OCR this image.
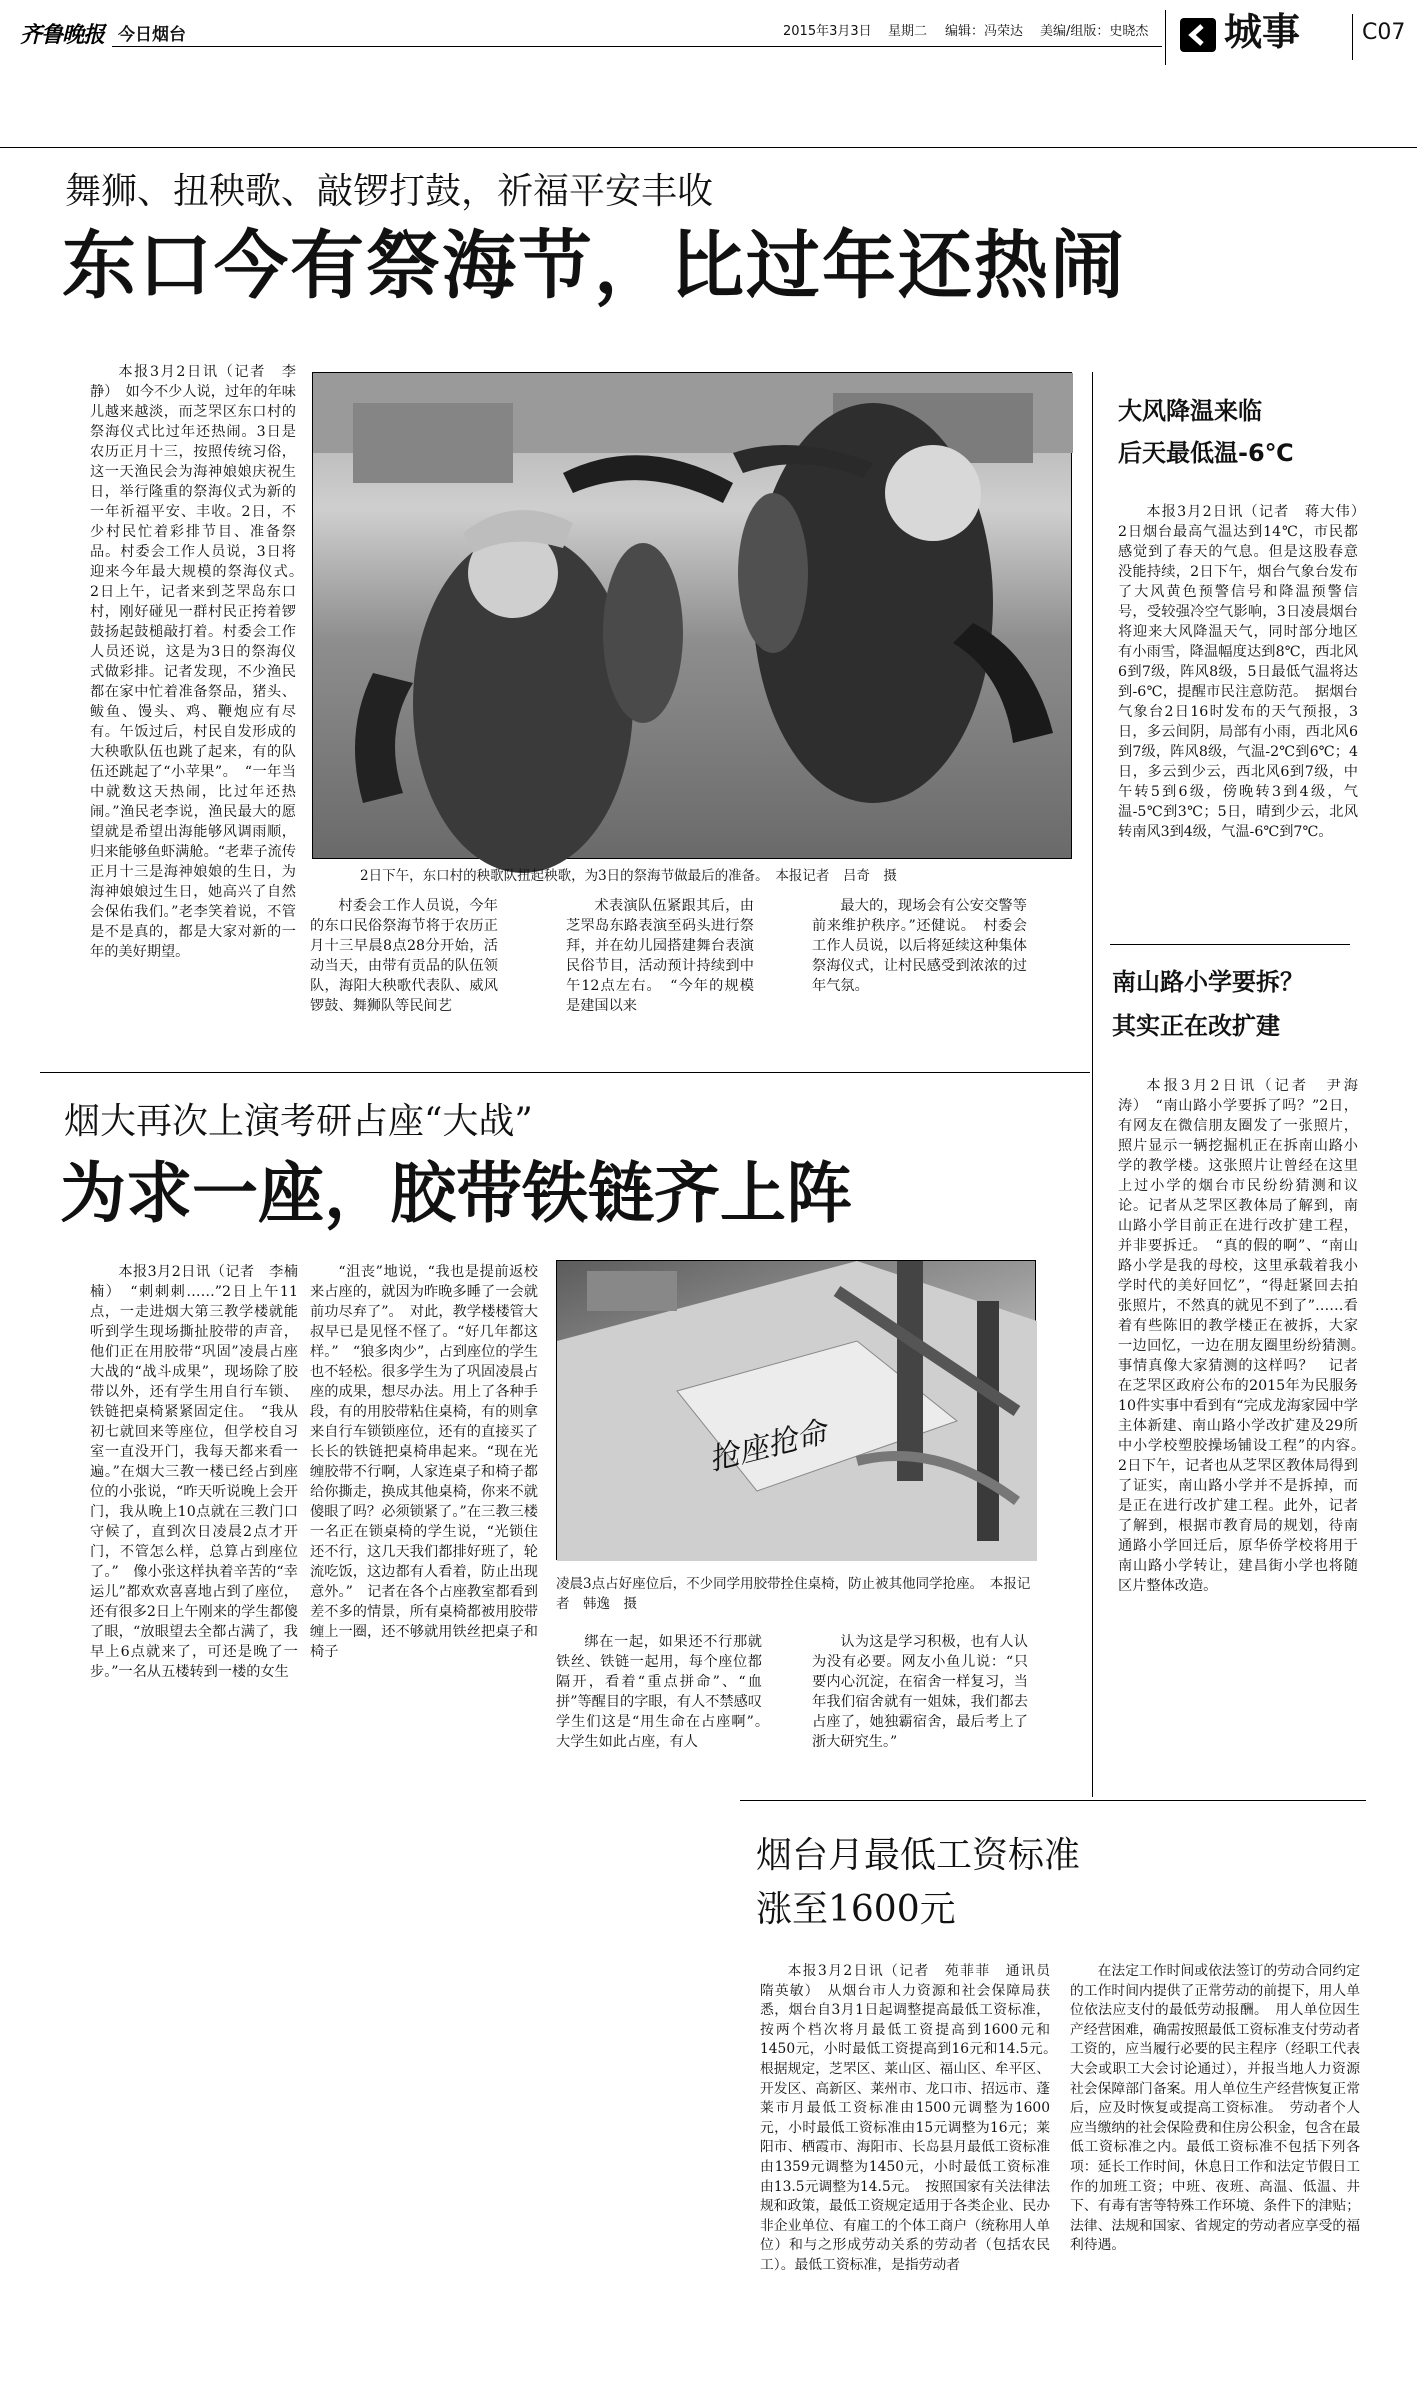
齐鲁晚报 今日烟台	2015年3月3日 星期二 编辑：冯荣达 美编/组版：史晓杰 城事	C07
舞狮、扭秧歌、敲锣打鼓，祈福平安丰收
东口今有祭海节，比过年还热闹

本报3月2日讯（记者　李静）　如今不少人说，过年的年味儿越来越淡，而芝罘区东口村的祭海仪式比过年还热闹。3日是农历正月十三，按照传统习俗，这一天渔民会为海神娘娘庆祝生日，举行隆重的祭海仪式为新的一年祈福平安、丰收。2日，不少村民忙着彩排节目、准备祭品。村委会工作人员说，3日将迎来今年最大规模的祭海仪式。　2日上午，记者来到芝罘岛东口村，刚好碰见一群村民正挎着锣鼓扬起鼓槌敲打着。村委会工作人员还说，这是为3日的祭海仪式做彩排。记者发现，不少渔民都在家中忙着准备祭品，猪头、鲅鱼、馒头、鸡、鞭炮应有尽有。午饭过后，村民自发形成的大秧歌队伍也跳了起来，有的队伍还跳起了“小苹果”。　“一年当中就数这天热闹，比过年还热闹。”渔民老李说，渔民最大的愿望就是希望出海能够风调雨顺，归来能够鱼虾满舱。“老辈子流传正月十三是海神娘娘的生日，为海神娘娘过生日，她高兴了自然会保佑我们。”老李笑着说，不管是不是真的，都是大家对新的一年的美好期望。

2日下午，东口村的秧歌队扭起秧歌，为3日的祭海节做最后的准备。　本报记者　吕奇　摄

村委会工作人员说，今年的东口民俗祭海节将于农历正月十三早晨8点28分开始，活动当天，由带有贡品的队伍领队，海阳大秧歌代表队、威风锣鼓、舞狮队等民间艺

术表演队伍紧跟其后，由芝罘岛东路表演至码头进行祭拜，并在幼儿园搭建舞台表演民俗节目，活动预计持续到中午12点左右。　“今年的规模是建国以来

最大的，现场会有公安交警等前来维护秩序。”还健说。　村委会工作人员说，以后将延续这种集体祭海仪式，让村民感受到浓浓的过年气氛。

大风降温来临
后天最低温-6℃

本报3月2日讯（记者　蒋大伟）　2日烟台最高气温达到14℃，市民都感觉到了春天的气息。但是这股春意没能持续，2日下午，烟台气象台发布了大风黄色预警信号和降温预警信号，受较强冷空气影响，3日凌晨烟台将迎来大风降温天气，同时部分地区有小雨雪，降温幅度达到8℃，西北风6到7级，阵风8级，5日最低气温将达到-6℃，提醒市民注意防范。　据烟台气象台2日16时发布的天气预报，3日，多云间阴，局部有小雨，西北风6到7级，阵风8级，气温-2℃到6℃；4日，多云到少云，西北风6到7级，中午转5到6级，傍晚转3到4级，气温-5℃到3℃；5日，晴到少云，北风转南风3到4级，气温-6℃到7℃。

南山路小学要拆？
其实正在改扩建

本报3月2日讯（记者　尹海涛）　“南山路小学要拆了吗？”2日，有网友在微信朋友圈发了一张照片，照片显示一辆挖掘机正在拆南山路小学的教学楼。这张照片让曾经在这里上过小学的烟台市民纷纷猜测和议论。记者从芝罘区教体局了解到，南山路小学目前正在进行改扩建工程，并非要拆迁。　“真的假的啊”、“南山路小学是我的母校，这里承载着我小学时代的美好回忆”，“得赶紧回去拍张照片，不然真的就见不到了”……看着有些陈旧的教学楼正在被拆，大家一边回忆，一边在朋友圈里纷纷猜测。　事情真像大家猜测的这样吗？　记者在芝罘区政府公布的2015年为民服务10件实事中看到有“完成龙海家园中学主体新建、南山路小学改扩建及29所中小学校塑胶操场铺设工程”的内容。　2日下午，记者也从芝罘区教体局得到了证实，南山路小学并不是拆掉，而是正在进行改扩建工程。此外，记者了解到，根据市教育局的规划，待南通路小学回迁后，原华侨学校将用于南山路小学转让，建昌街小学也将随区片整体改造。

烟大再次上演考研占座“大战”
为求一座，胶带铁链齐上阵

本报3月2日讯（记者　李楠楠）　“刺刺刺……”2日上午11点，一走进烟大第三教学楼就能听到学生现场撕扯胶带的声音，他们正在用胶带“巩固”凌晨占座大战的“战斗成果”，现场除了胶带以外，还有学生用自行车锁、铁链把桌椅紧紧固定住。　“我从初七就回来等座位，但学校自习室一直没开门，我每天都来看一遍。”在烟大三教一楼已经占到座位的小张说，“昨天听说晚上会开门，我从晚上10点就在三教门口守候了，直到次日凌晨2点才开门，不管怎么样，总算占到座位了。”　像小张这样执着辛苦的“幸运儿”都欢欢喜喜地占到了座位，还有很多2日上午刚来的学生都傻了眼，“放眼望去全都占满了，我早上6点就来了，可还是晚了一步。”一名从五楼转到一楼的女生

“沮丧”地说，“我也是提前返校来占座的，就因为昨晚多睡了一会就前功尽弃了”。　对此，教学楼楼管大叔早已是见怪不怪了。“好几年都这样。”　“狼多肉少”，占到座位的学生也不轻松。很多学生为了巩固凌晨占座的成果，想尽办法。用上了各种手段，有的用胶带粘住桌椅，有的则拿来自行车锁锁座位，还有的直接买了长长的铁链把桌椅串起来。“现在光缠胶带不行啊，人家连桌子和椅子都给你撕走，换成其他桌椅，你来不就傻眼了吗？必须锁紧了。”在三教三楼一名正在锁桌椅的学生说，“光锁住还不行，这几天我们都排好班了，轮流吃饭，这边都有人看着，防止出现意外。”　记者在各个占座教室都看到差不多的情景，所有桌椅都被用胶带缠上一圈，还不够就用铁丝把桌子和椅子

抢座抢命
凌晨3点占好座位后，不少同学用胶带拴住桌椅，防止被其他同学抢座。　本报记者　韩逸　摄

绑在一起，如果还不行那就铁丝、铁链一起用，每个座位都隔开，看着“重点拼命”、“血拼”等醒目的字眼，有人不禁感叹学生们这是“用生命在占座啊”。　大学生如此占座，有人

认为这是学习积极，也有人认为没有必要。网友小鱼儿说：“只要内心沉淀，在宿舍一样复习，当年我们宿舍就有一姐妹，我们都去占座了，她独霸宿舍，最后考上了浙大研究生。”

烟台月最低工资标准
涨至1600元

本报3月2日讯（记者　苑菲菲　通讯员　隋英敏）　从烟台市人力资源和社会保障局获悉，烟台自3月1日起调整提高最低工资标准，按两个档次将月最低工资提高到1600元和1450元，小时最低工资提高到16元和14.5元。　根据规定，芝罘区、莱山区、福山区、牟平区、开发区、高新区、莱州市、龙口市、招远市、蓬莱市月最低工资标准由1500元调整为1600元，小时最低工资标准由15元调整为16元；莱阳市、栖霞市、海阳市、长岛县月最低工资标准由1359元调整为1450元，小时最低工资标准由13.5元调整为14.5元。　按照国家有关法律法规和政策，最低工资规定适用于各类企业、民办非企业单位、有雇工的个体工商户（统称用人单位）和与之形成劳动关系的劳动者（包括农民工）。最低工资标准，是指劳动者

在法定工作时间或依法签订的劳动合同约定的工作时间内提供了正常劳动的前提下，用人单位依法应支付的最低劳动报酬。　用人单位因生产经营困难，确需按照最低工资标准支付劳动者工资的，应当履行必要的民主程序（经职工代表大会或职工大会讨论通过），并报当地人力资源社会保障部门备案。用人单位生产经营恢复正常后，应及时恢复或提高工资标准。　劳动者个人应当缴纳的社会保险费和住房公积金，包含在最低工资标准之内。最低工资标准不包括下列各项：延长工作时间，休息日工作和法定节假日工作的加班工资；中班、夜班、高温、低温、井下、有毒有害等特殊工作环境、条件下的津贴；法律、法规和国家、省规定的劳动者应享受的福利待遇。
